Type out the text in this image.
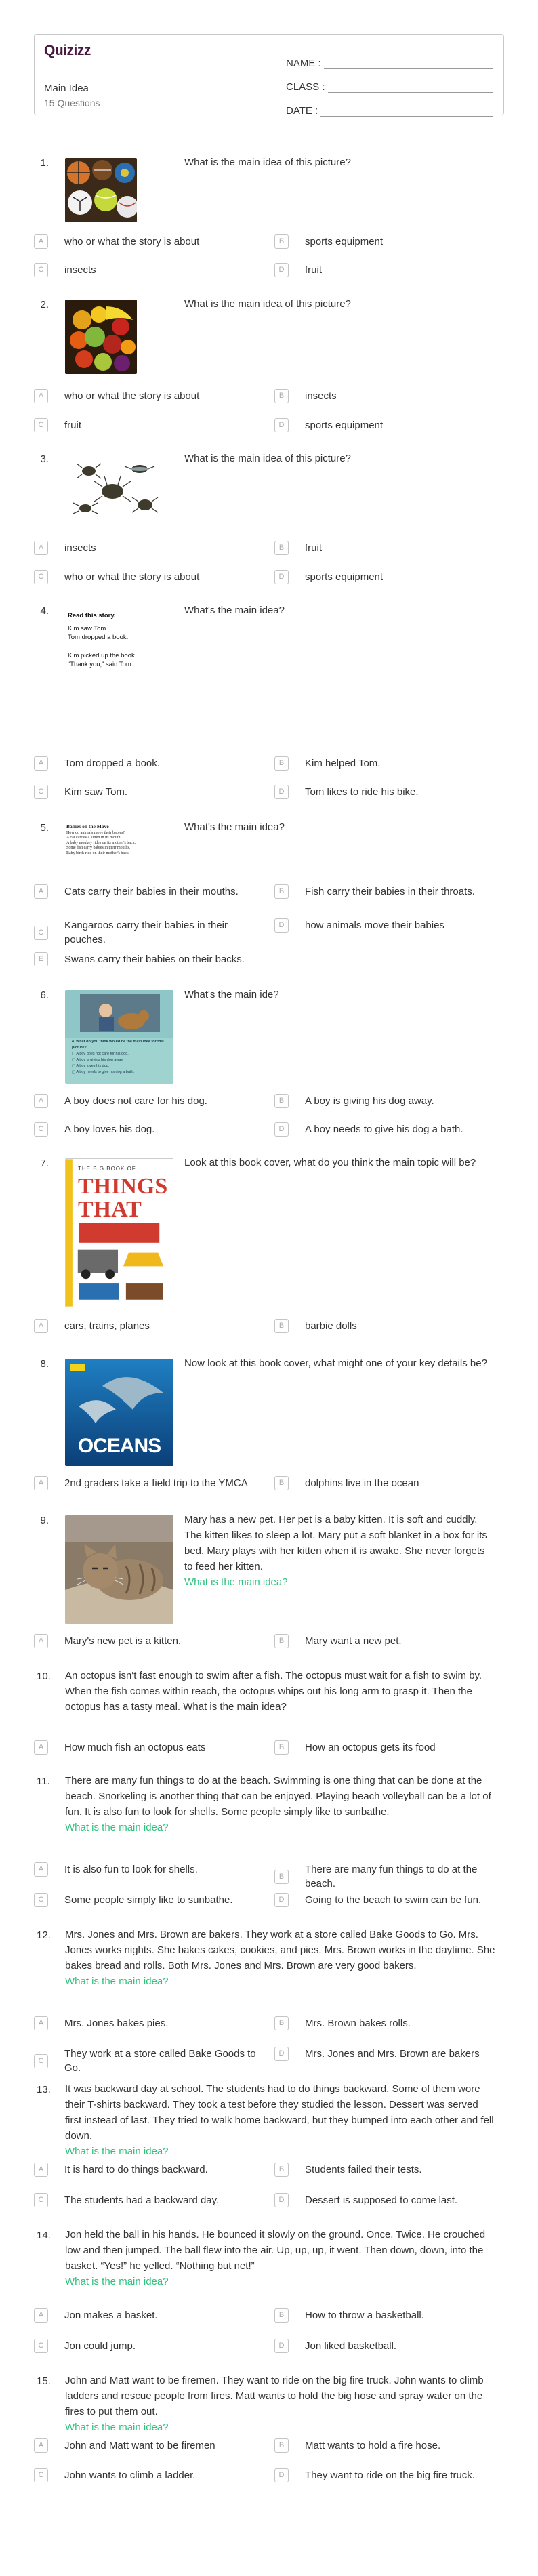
Quizizz
Main Idea
15 Questions
NAME :
CLASS :
DATE :
1.	What is the main idea of this picture?
A	who or what the story is about	B	sports equipment
C	insects	D	fruit
2.	What is the main idea of this picture?
A	who or what the story is about	B	insects
C	fruit	D	sports equipment
3.	What is the main idea of this picture?
A	insects	B	fruit
C	who or what the story is about	D	sports equipment
4.	What's the main idea?
Read this story.
Kim saw Tom.
Tom dropped a book.
Kim picked up the book.
“Thank you,” said Tom.
A	Tom dropped a book.	B	Kim helped Tom.
C	Kim saw Tom.	D	Tom likes to ride his bike.
5.	What's the main idea?
Babies on the Move
How do animals move their babies?
A cat carries a kitten in its mouth.
A baby monkey rides on its mother's back.
Some fish carry babies in their mouths.
Baby birds ride on their mother's back.
A	Cats carry their babies in their mouths.	B	Fish carry their babies in their throats.
C
Kangaroos carry their babies in their pouches.
D	how animals move their babies
E	Swans carry their babies on their backs.
6.	What's the main ide?
4. What do you think would be the main idea for this picture?
▢ A boy does not care for his dog.
▢ A boy is giving his dog away.
▢ A boy loves his dog.
▢ A boy needs to give his dog a bath.
A	A boy does not care for his dog.	B	A boy is giving his dog away.
C	A boy loves his dog.	D	A boy needs to give his dog a bath.
7.	Look at this book cover, what do you think the main topic will be?
THE BIG BOOK OF
THINGS
THAT GO
A	cars, trains, planes	B	barbie dolls
8.	Now look at this book cover, what might one of your key details be?
OCEANS
A	2nd graders take a field trip to the YMCA	B	dolphins live in the ocean
9.	Mary has a new pet. Her pet is a baby kitten. It is soft and cuddly. The kitten likes to sleep a lot. Mary put a soft blanket in a box for its bed. Mary plays with her kitten when it is awake. She never forgets to feed her kitten.
What is the main idea?
A	Mary's new pet is a kitten.	B	Mary want a new pet.
10. An octopus isn't fast enough to swim after a fish. The octopus must wait for a fish to swim by. When the fish comes within reach, the octopus whips out his long arm to grasp it. Then the octopus has a tasty meal. What is the main idea?
A	How much fish an octopus eats	B	How an octopus gets its food
11. There are many fun things to do at the beach. Swimming is one thing that can be done at the beach. Snorkeling is another thing that can be enjoyed. Playing beach volleyball can be a lot of fun. It is also fun to look for shells. Some people simply like to sunbathe.
What is the main idea?
A	It is also fun to look for shells.
B
There are many fun things to do at the beach.
C	Some people simply like to sunbathe.	D	Going to the beach to swim can be fun.
12. Mrs. Jones and Mrs. Brown are bakers. They work at a store called Bake Goods to Go. Mrs. Jones works nights. She bakes cakes, cookies, and pies. Mrs. Brown works in the daytime. She bakes bread and rolls. Both Mrs. Jones and Mrs. Brown are very good bakers.
What is the main idea?
A	Mrs. Jones bakes pies.	B	Mrs. Brown bakes rolls.
C
They work at a store called Bake Goods to Go.
D	Mrs. Jones and Mrs. Brown are bakers
13. It was backward day at school. The students had to do things backward. Some of them wore their T-shirts backward. They took a test before they studied the lesson. Dessert was served first instead of last. They tried to walk home backward, but they bumped into each other and fell down.
What is the main idea?
A	It is hard to do things backward.	B	Students failed their tests.
C	The students had a backward day.	D	Dessert is supposed to come last.
14. Jon held the ball in his hands. He bounced it slowly on the ground. Once. Twice. He crouched low and then jumped. The ball flew into the air. Up, up, up, it went. Then down, down, into the basket. “Yes!” he yelled. “Nothing but net!”
What is the main idea?
A	Jon makes a basket.	B	How to throw a basketball.
C	Jon could jump.	D	Jon liked basketball.
15. John and Matt want to be firemen. They want to ride on the big fire truck. John wants to climb ladders and rescue people from fires. Matt wants to hold the big hose and spray water on the fires to put them out.
What is the main idea?
A	John and Matt want to be firemen	B	Matt wants to hold a fire hose.
C	John wants to climb a ladder.	D	They want to ride on the big fire truck.
